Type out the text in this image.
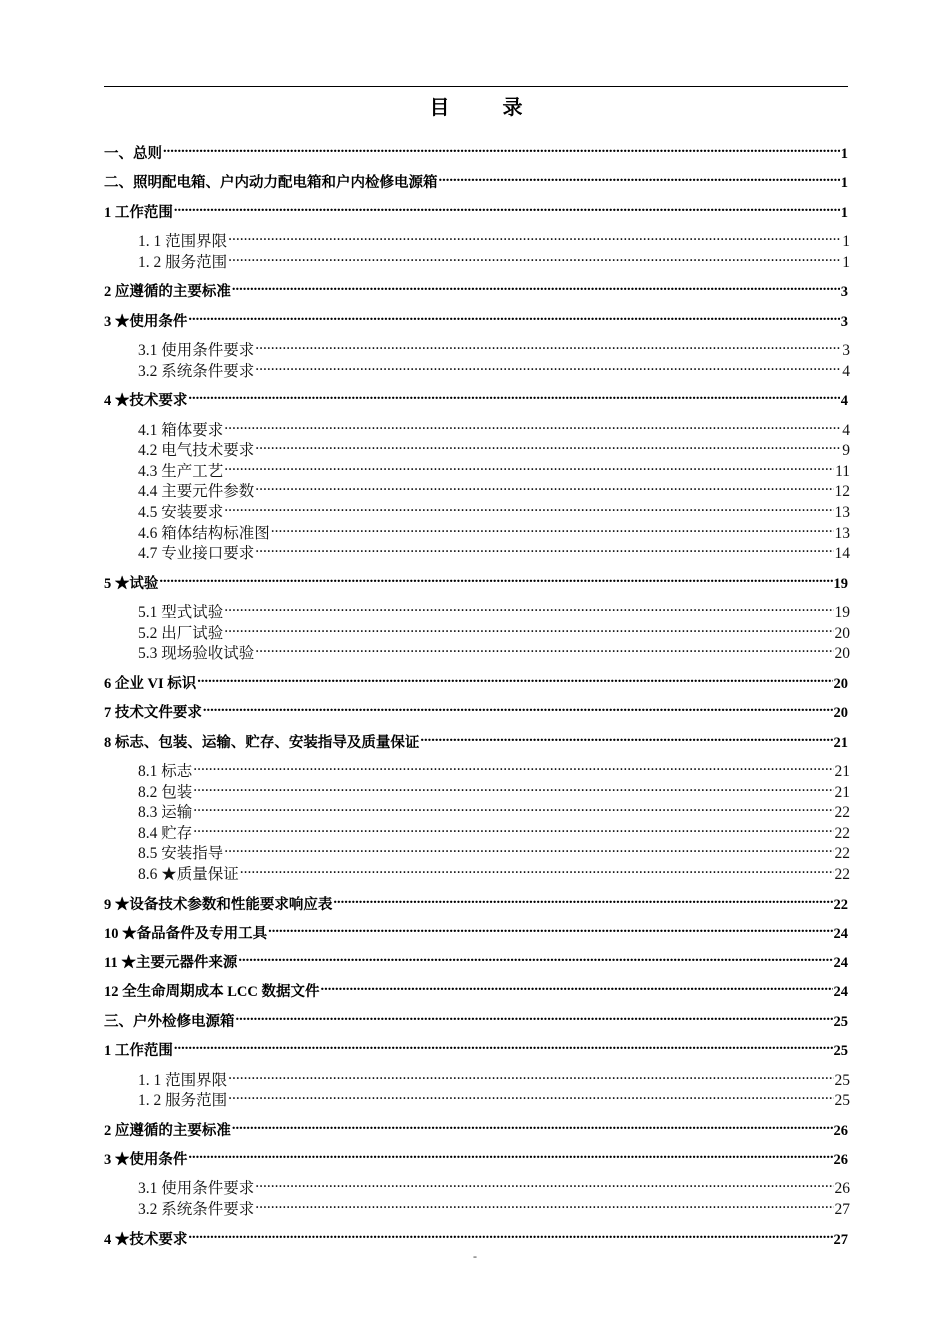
目 录
一、总则 .....	1
二、照明配电箱、户内动力配电箱和户内检修电源箱 .....	1
1 工作范围 .....	1
1. 1 范围界限 .....	1
1. 2 服务范围 .....	1
2 应遵循的主要标准 .....	3
3 ★使用条件 .....	3
3.1 使用条件要求 .....	3
3.2 系统条件要求 .....	4
4 ★技术要求 .....	4
4.1 箱体要求 .....	4
4.2 电气技术要求 .....	9
4.3 生产工艺 .....	11
4.4 主要元件参数 .....	12
4.5 安装要求 .....	13
4.6 箱体结构标准图 .....	13
4.7 专业接口要求 .....	14
5 ★试验 .....	19
5.1 型式试验 .....	19
5.2 出厂试验 .....	20
5.3 现场验收试验 .....	20
6 企业 VI 标识 .....	20
7 技术文件要求 .....	20
8 标志、包装、运输、贮存、安装指导及质量保证 .....	21
8.1 标志 .....	21
8.2 包装 .....	21
8.3 运输 .....	22
8.4 贮存 .....	22
8.5 安装指导 .....	22
8.6 ★质量保证 .....	22
9 ★设备技术参数和性能要求响应表 .....	22
10 ★备品备件及专用工具 .....	24
11 ★主要元器件来源 .....	24
12 全生命周期成本 LCC 数据文件 .....	24
三、户外检修电源箱 .....	25
1 工作范围 .....	25
1. 1 范围界限 .....	25
1. 2 服务范围 .....	25
2 应遵循的主要标准 .....	26
3 ★使用条件 .....	26
3.1 使用条件要求 .....	26
3.2 系统条件要求 .....	27
4 ★技术要求 .....	27
-
